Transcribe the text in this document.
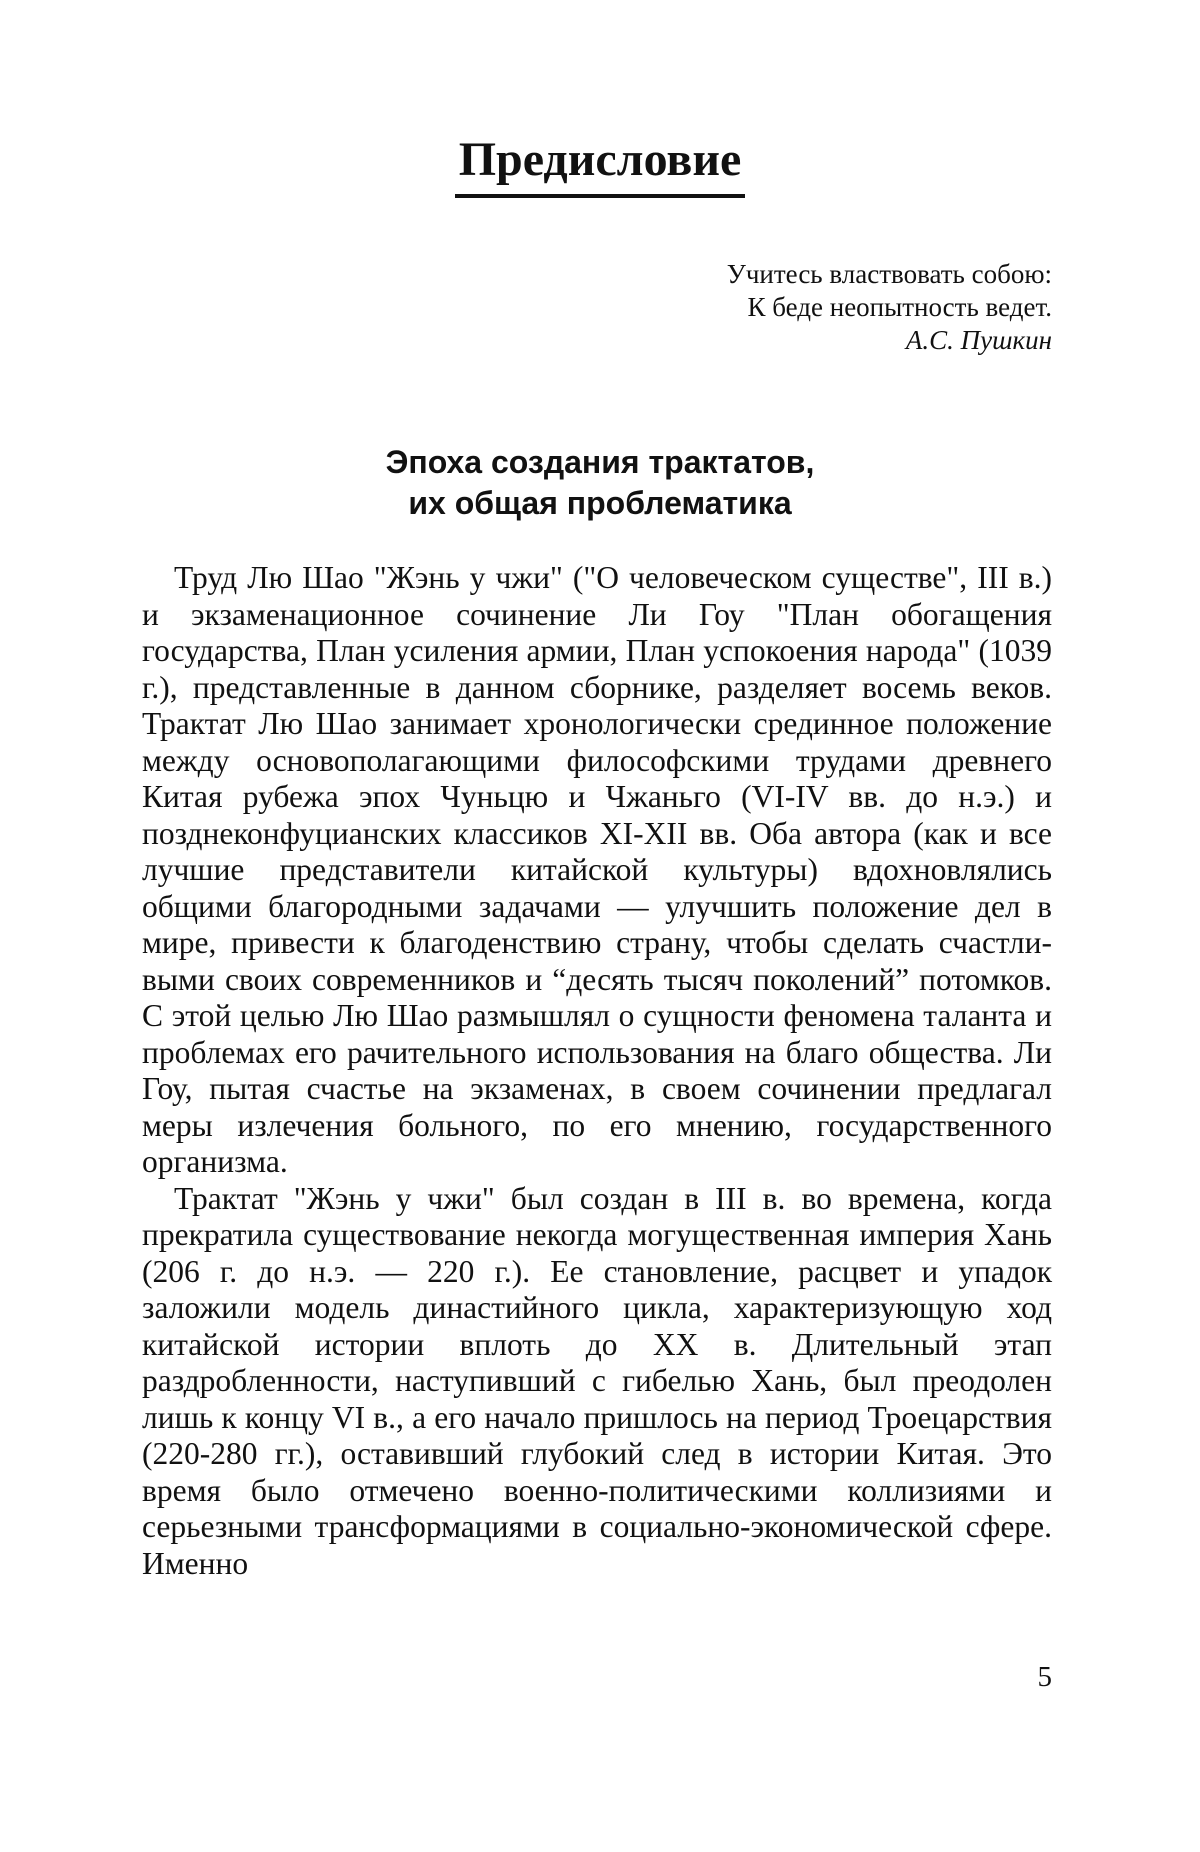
Предисловие
Учитесь властвовать собою:
К беде неопытность ведет.
А.С. Пушкин
Эпоха создания трактатов,
их общая проблематика

Труд Лю Шао "Жэнь у чжи" ("О человеческом существе", III в.) и экзаменационное сочинение Ли Гоу "План обогащения государства, План усиления армии, План успокоения народа" (1039 г.), представленные в данном сборнике, разделяет восемь веков. Трактат Лю Шао занимает хронологически срединное положение между основополагающими философскими трудами древнего Китая рубежа эпох Чуньцю и Чжаньго (VI-IV вв. до н.э.) и позднеконфуцианских классиков XI-XII вв. Оба автора (как и все лучшие представители китайской культуры) вдохновлялись общими благородными задачами — улучшить положение дел в мире, привести к благоденствию страну, чтобы сделать счастливыми своих современников и “десять тысяч поколений” потомков. С этой целью Лю Шао размышлял о сущности феномена таланта и проблемах его рачительного использования на благо общества. Ли Гоу, пытая счастье на экзаменах, в своем сочинении предлагал меры излечения больного, по его мнению, государственного организма.

Трактат "Жэнь у чжи" был создан в III в. во времена, когда прекратила существование некогда могущественная империя Хань (206 г. до н.э. — 220 г.). Ее становление, расцвет и упадок заложили модель династийного цикла, характеризующую ход китайской истории вплоть до XX в. Длительный этап раздробленности, наступивший с гибелью Хань, был преодолен лишь к концу VI в., а его начало пришлось на период Троецарствия (220-280 гг.), оставивший глубокий след в истории Китая. Это время было отмечено военно-политическими коллизиями и серьезными трансформациями в социально-экономической сфере. Именно

5
